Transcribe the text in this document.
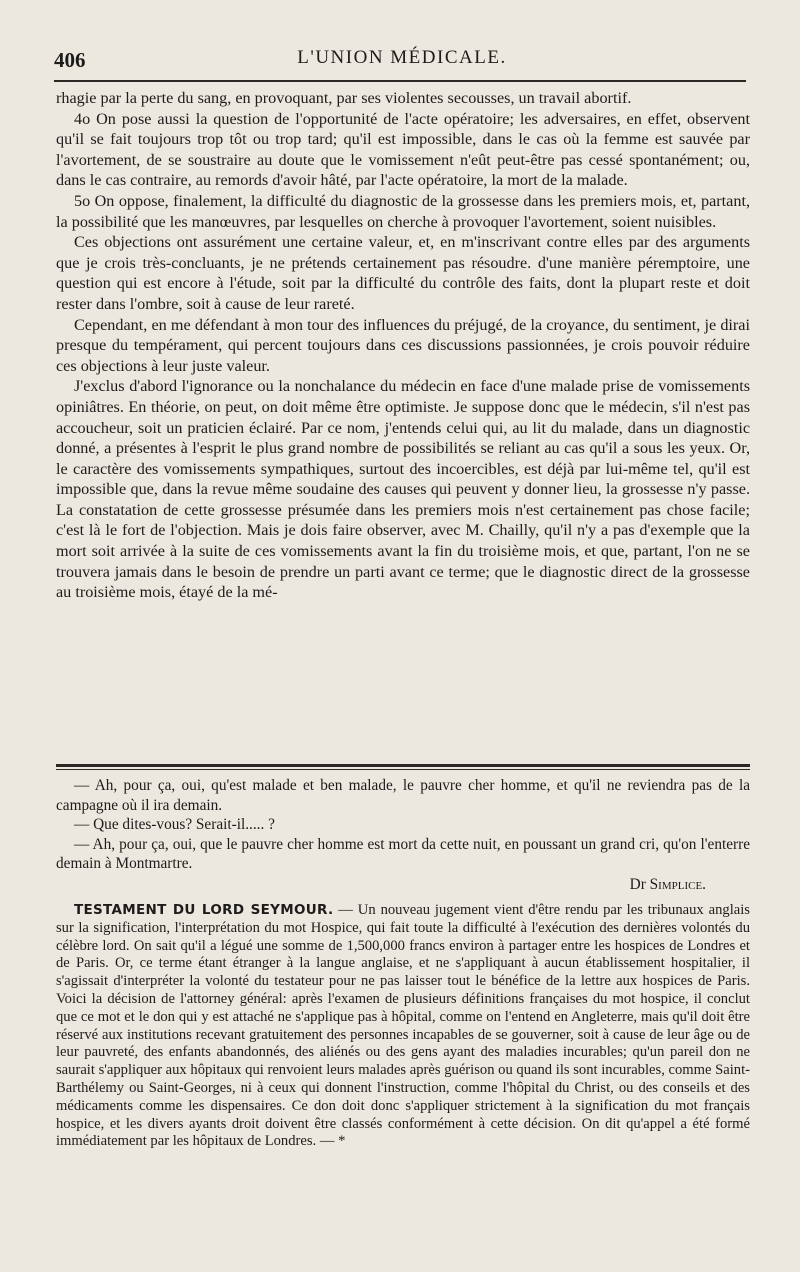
406	L'UNION MÉDICALE.

rhagie par la perte du sang, en provoquant, par ses violentes secousses, un travail abortif.

4o On pose aussi la question de l'opportunité de l'acte opératoire; les adversaires, en effet, observent qu'il se fait toujours trop tôt ou trop tard; qu'il est impossible, dans le cas où la femme est sauvée par l'avortement, de se soustraire au doute que le vomissement n'eût peut-être pas cessé spontanément; ou, dans le cas contraire, au remords d'avoir hâté, par l'acte opératoire, la mort de la malade.

5o On oppose, finalement, la difficulté du diagnostic de la grossesse dans les premiers mois, et, partant, la possibilité que les manœuvres, par lesquelles on cherche à provoquer l'avortement, soient nuisibles.

Ces objections ont assurément une certaine valeur, et, en m'inscrivant contre elles par des arguments que je crois très-concluants, je ne prétends certainement pas résoudre. d'une manière péremptoire, une question qui est encore à l'étude, soit par la difficulté du contrôle des faits, dont la plupart reste et doit rester dans l'ombre, soit à cause de leur rareté.

Cependant, en me défendant à mon tour des influences du préjugé, de la croyance, du sentiment, je dirai presque du tempérament, qui percent toujours dans ces discussions passionnées, je crois pouvoir réduire ces objections à leur juste valeur.

J'exclus d'abord l'ignorance ou la nonchalance du médecin en face d'une malade prise de vomissements opiniâtres. En théorie, on peut, on doit même être optimiste. Je suppose donc que le médecin, s'il n'est pas accoucheur, soit un praticien éclairé. Par ce nom, j'entends celui qui, au lit du malade, dans un diagnostic donné, a présentes à l'esprit le plus grand nombre de possibilités se reliant au cas qu'il a sous les yeux. Or, le caractère des vomissements sympathiques, surtout des incoercibles, est déjà par lui-même tel, qu'il est impossible que, dans la revue même soudaine des causes qui peuvent y donner lieu, la grossesse n'y passe. La constatation de cette grossesse présumée dans les premiers mois n'est certainement pas chose facile; c'est là le fort de l'objection. Mais je dois faire observer, avec M. Chailly, qu'il n'y a pas d'exemple que la mort soit arrivée à la suite de ces vomissements avant la fin du troisième mois, et que, partant, l'on ne se trouvera jamais dans le besoin de prendre un parti avant ce terme; que le diagnostic direct de la grossesse au troisième mois, étayé de la mé-

— Ah, pour ça, oui, qu'est malade et ben malade, le pauvre cher homme, et qu'il ne reviendra pas de la campagne où il ira demain.

— Que dites-vous? Serait-il..... ?

— Ah, pour ça, oui, que le pauvre cher homme est mort da cette nuit, en poussant un grand cri, qu'on l'enterre demain à Montmartre.

Dr Simplice.

TESTAMENT DU LORD SEYMOUR. — Un nouveau jugement vient d'être rendu par les tribunaux anglais sur la signification, l'interprétation du mot Hospice, qui fait toute la difficulté à l'exécution des dernières volontés du célèbre lord. On sait qu'il a légué une somme de 1,500,000 francs environ à partager entre les hospices de Londres et de Paris. Or, ce terme étant étranger à la langue anglaise, et ne s'appliquant à aucun établissement hospitalier, il s'agissait d'interpréter la volonté du testateur pour ne pas laisser tout le bénéfice de la lettre aux hospices de Paris. Voici la décision de l'attorney général: après l'examen de plusieurs définitions françaises du mot hospice, il conclut que ce mot et le don qui y est attaché ne s'applique pas à hôpital, comme on l'entend en Angleterre, mais qu'il doit être réservé aux institutions recevant gratuitement des personnes incapables de se gouverner, soit à cause de leur âge ou de leur pauvreté, des enfants abandonnés, des aliénés ou des gens ayant des maladies incurables; qu'un pareil don ne saurait s'appliquer aux hôpitaux qui renvoient leurs malades après guérison ou quand ils sont incurables, comme Saint-Barthélemy ou Saint-Georges, ni à ceux qui donnent l'instruction, comme l'hôpital du Christ, ou des conseils et des médicaments comme les dispensaires. Ce don doit donc s'appliquer strictement à la signification du mot français hospice, et les divers ayants droit doivent être classés conformément à cette décision. On dit qu'appel a été formé immédiatement par les hôpitaux de Londres. — *
